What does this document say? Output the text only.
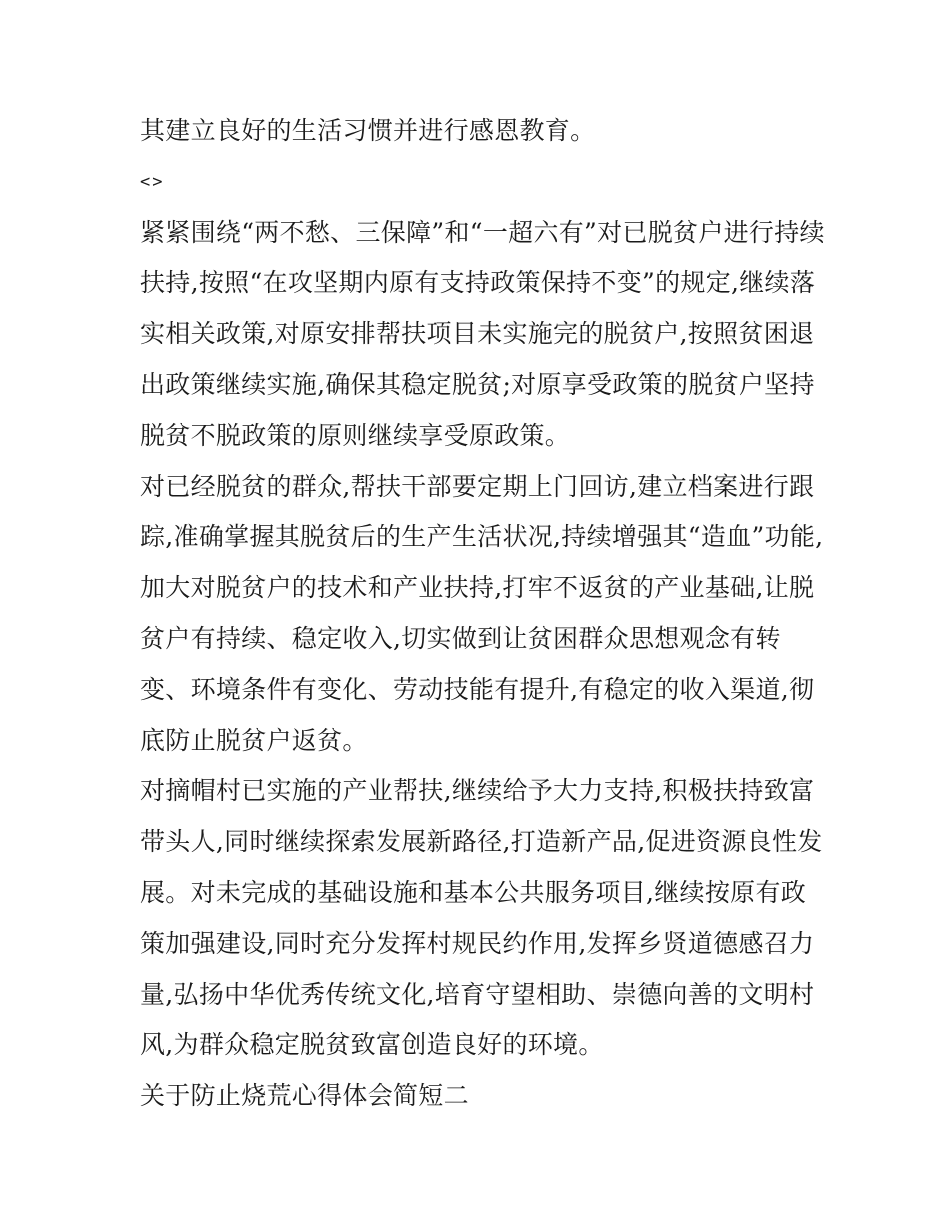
其建立良好的生活习惯并进行感恩教育。
<>
紧紧围绕“两不愁、三保障”和“一超六有”对已脱贫户进行持续
扶持,按照“在攻坚期内原有支持政策保持不变”的规定,继续落
实相关政策,对原安排帮扶项目未实施完的脱贫户,按照贫困退
出政策继续实施,确保其稳定脱贫;对原享受政策的脱贫户坚持
脱贫不脱政策的原则继续享受原政策。
对已经脱贫的群众,帮扶干部要定期上门回访,建立档案进行跟
踪,准确掌握其脱贫后的生产生活状况,持续增强其“造血”功能,
加大对脱贫户的技术和产业扶持,打牢不返贫的产业基础,让脱
贫户有持续、稳定收入,切实做到让贫困群众思想观念有转
变、环境条件有变化、劳动技能有提升,有稳定的收入渠道,彻
底防止脱贫户返贫。
对摘帽村已实施的产业帮扶,继续给予大力支持,积极扶持致富
带头人,同时继续探索发展新路径,打造新产品,促进资源良性发
展。对未完成的基础设施和基本公共服务项目,继续按原有政
策加强建设,同时充分发挥村规民约作用,发挥乡贤道德感召力
量,弘扬中华优秀传统文化,培育守望相助、崇德向善的文明村
风,为群众稳定脱贫致富创造良好的环境。
关于防止烧荒心得体会简短二
